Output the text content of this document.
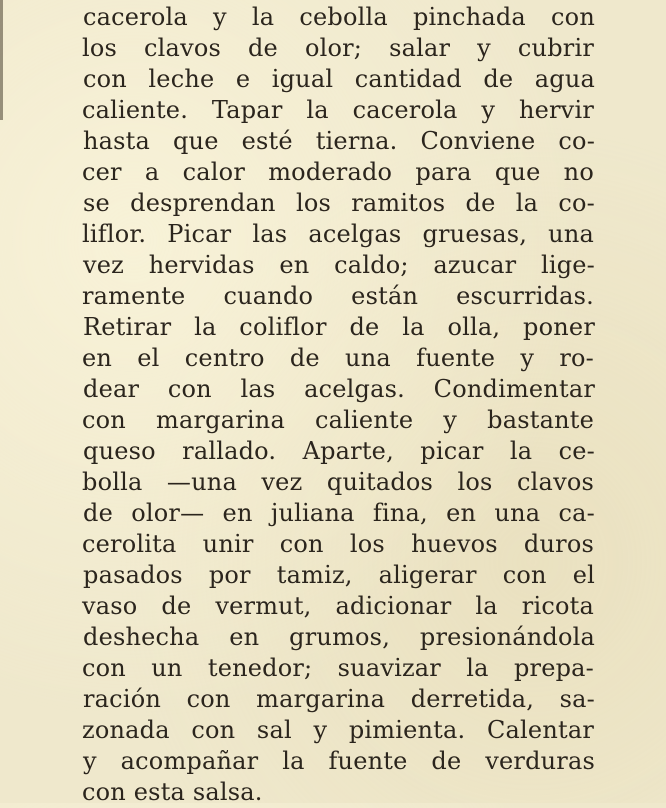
cacerola y la cebolla pinchada con
los clavos de olor; salar y cubrir
con leche e igual cantidad de agua
caliente. Tapar la cacerola y hervir
hasta que esté tierna. Conviene co-
cer a calor moderado para que no
se desprendan los ramitos de la co-
liflor. Picar las acelgas gruesas, una
vez hervidas en caldo; azucar lige-
ramente cuando están escurridas.
Retirar la coliflor de la olla, poner
en el centro de una fuente y ro-
dear con las acelgas. Condimentar
con margarina caliente y bastante
queso rallado. Aparte, picar la ce-
bolla —una vez quitados los clavos
de olor— en juliana fina, en una ca-
cerolita unir con los huevos duros
pasados por tamiz, aligerar con el
vaso de vermut, adicionar la ricota
deshecha en grumos, presionándola
con un tenedor; suavizar la prepa-
ración con margarina derretida, sa-
zonada con sal y pimienta. Calentar
y acompañar la fuente de verduras
con esta salsa.
